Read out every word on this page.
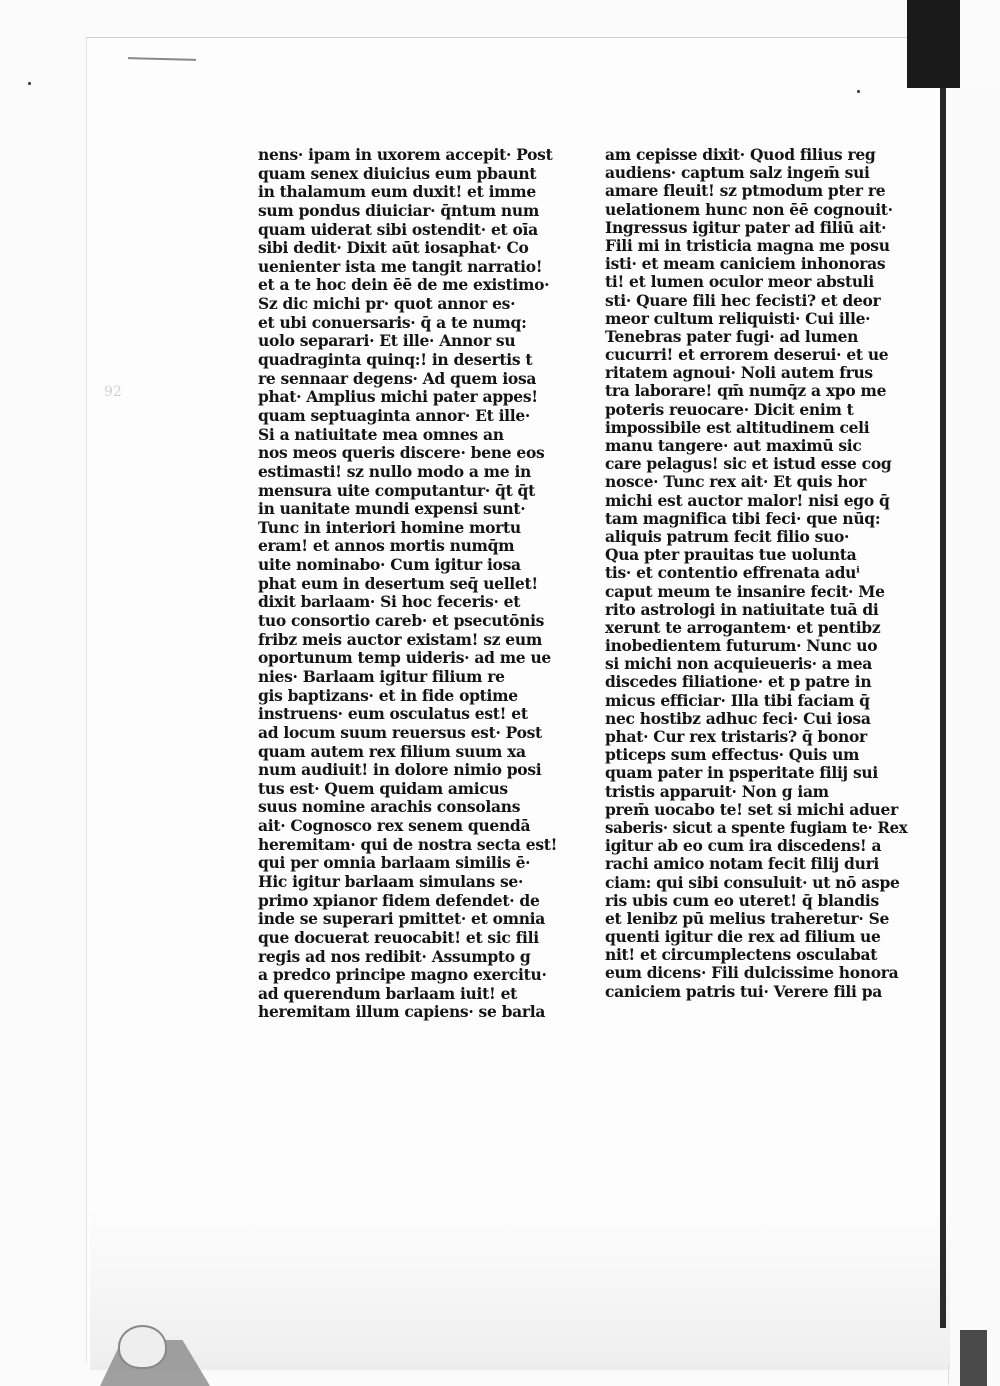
92
nens· ipam in uxorem accepit· Post
quam senex diuicius eum pbaunt
in thalamum eum duxit! et imme
sum pondus diuiciar· q̄ntum num
quam uiderat sibi ostendit· et oīa
sibi dedit· Dixit aūt iosaphat· Co
uenienter ista me tangit narratio!
et a te hoc dein ēē de me existimo·
Sz dic michi pr· quot annor es·
et ubi conuersaris· q̄ a te numq:
uolo separari· Et ille· Annor su
quadraginta quinq:! in desertis t
re sennaar degens· Ad quem iosa
phat· Amplius michi pater appes!
quam septuaginta annor· Et ille·
Si a natiuitate mea omnes an
nos meos queris discere· bene eos
estimasti! sz nullo modo a me in
mensura uite computantur· q̄t q̄t
in uanitate mundi expensi sunt·
Tunc in interiori homine mortu
eram! et annos mortis numq̄m
uite nominabo· Cum igitur iosa
phat eum in desertum seq̄ uellet!
dixit barlaam· Si hoc feceris· et
tuo consortio careb· et psecutōnis
fribz meis auctor existam! sz eum
oportunum temp uideris· ad me ue
nies· Barlaam igitur filium re
gis baptizans· et in fide optime
instruens· eum osculatus est! et
ad locum suum reuersus est· Post
quam autem rex filium suum xa
num audiuit! in dolore nimio posi
tus est· Quem quidam amicus
suus nomine arachis consolans
ait· Cognosco rex senem quendā
heremitam· qui de nostra secta est!
qui per omnia barlaam similis ē·
Hic igitur barlaam simulans se·
primo xpianor fidem defendet· de
inde se superari pmittet· et omnia
que docuerat reuocabit! et sic fili
regis ad nos redibit· Assumpto g
a predco principe magno exercitu·
ad querendum barlaam iuit! et
heremitam illum capiens· se barla
am cepisse dixit· Quod filius reg
audiens· captum salz ingem̄ sui
amare fleuit! sz ptmodum pter re
uelationem hunc non ēē cognouit·
Ingressus igitur pater ad filiū ait·
Fili mi in tristicia magna me posu
isti· et meam caniciem inhonoras
ti! et lumen oculor meor abstuli
sti· Quare fili hec fecisti? et deor
meor cultum reliquisti· Cui ille·
Tenebras pater fugi· ad lumen
cucurri! et errorem deserui· et ue
ritatem agnoui· Noli autem frus
tra laborare! qm̄ numq̄z a xpo me
poteris reuocare· Dicit enim t
impossibile est altitudinem celi
manu tangere· aut maximū sic
care pelagus! sic et istud esse cog
nosce· Tunc rex ait· Et quis hor
michi est auctor malor! nisi ego q̄
tam magnifica tibi feci· que nūq:
aliquis patrum fecit filio suo·
Qua pter prauitas tue uolunta
tis· et contentio effrenata aduⁱ
caput meum te insanire fecit· Me
rito astrologi in natiuitate tuā di
xerunt te arrogantem· et pentibz
inobedientem futurum· Nunc uo
si michi non acquieueris· a mea
discedes filiatione· et p patre in
micus efficiar· Illa tibi faciam q̄
nec hostibz adhuc feci· Cui iosa
phat· Cur rex tristaris? q̄ bonor
pticeps sum effectus· Quis um
quam pater in psperitate filij sui
tristis apparuit· Non g iam
prem̄ uocabo te! set si michi aduer
saberis· sicut a spente fugiam te· Rex
igitur ab eo cum ira discedens! a
rachi amico notam fecit filij duri
ciam: qui sibi consuluit· ut nō aspe
ris ubis cum eo uteret! q̄ blandis
et lenibz pū melius traheretur· Se
quenti igitur die rex ad filium ue
nit! et circumplectens osculabat
eum dicens· Fili dulcissime honora
caniciem patris tui· Verere fili pa
